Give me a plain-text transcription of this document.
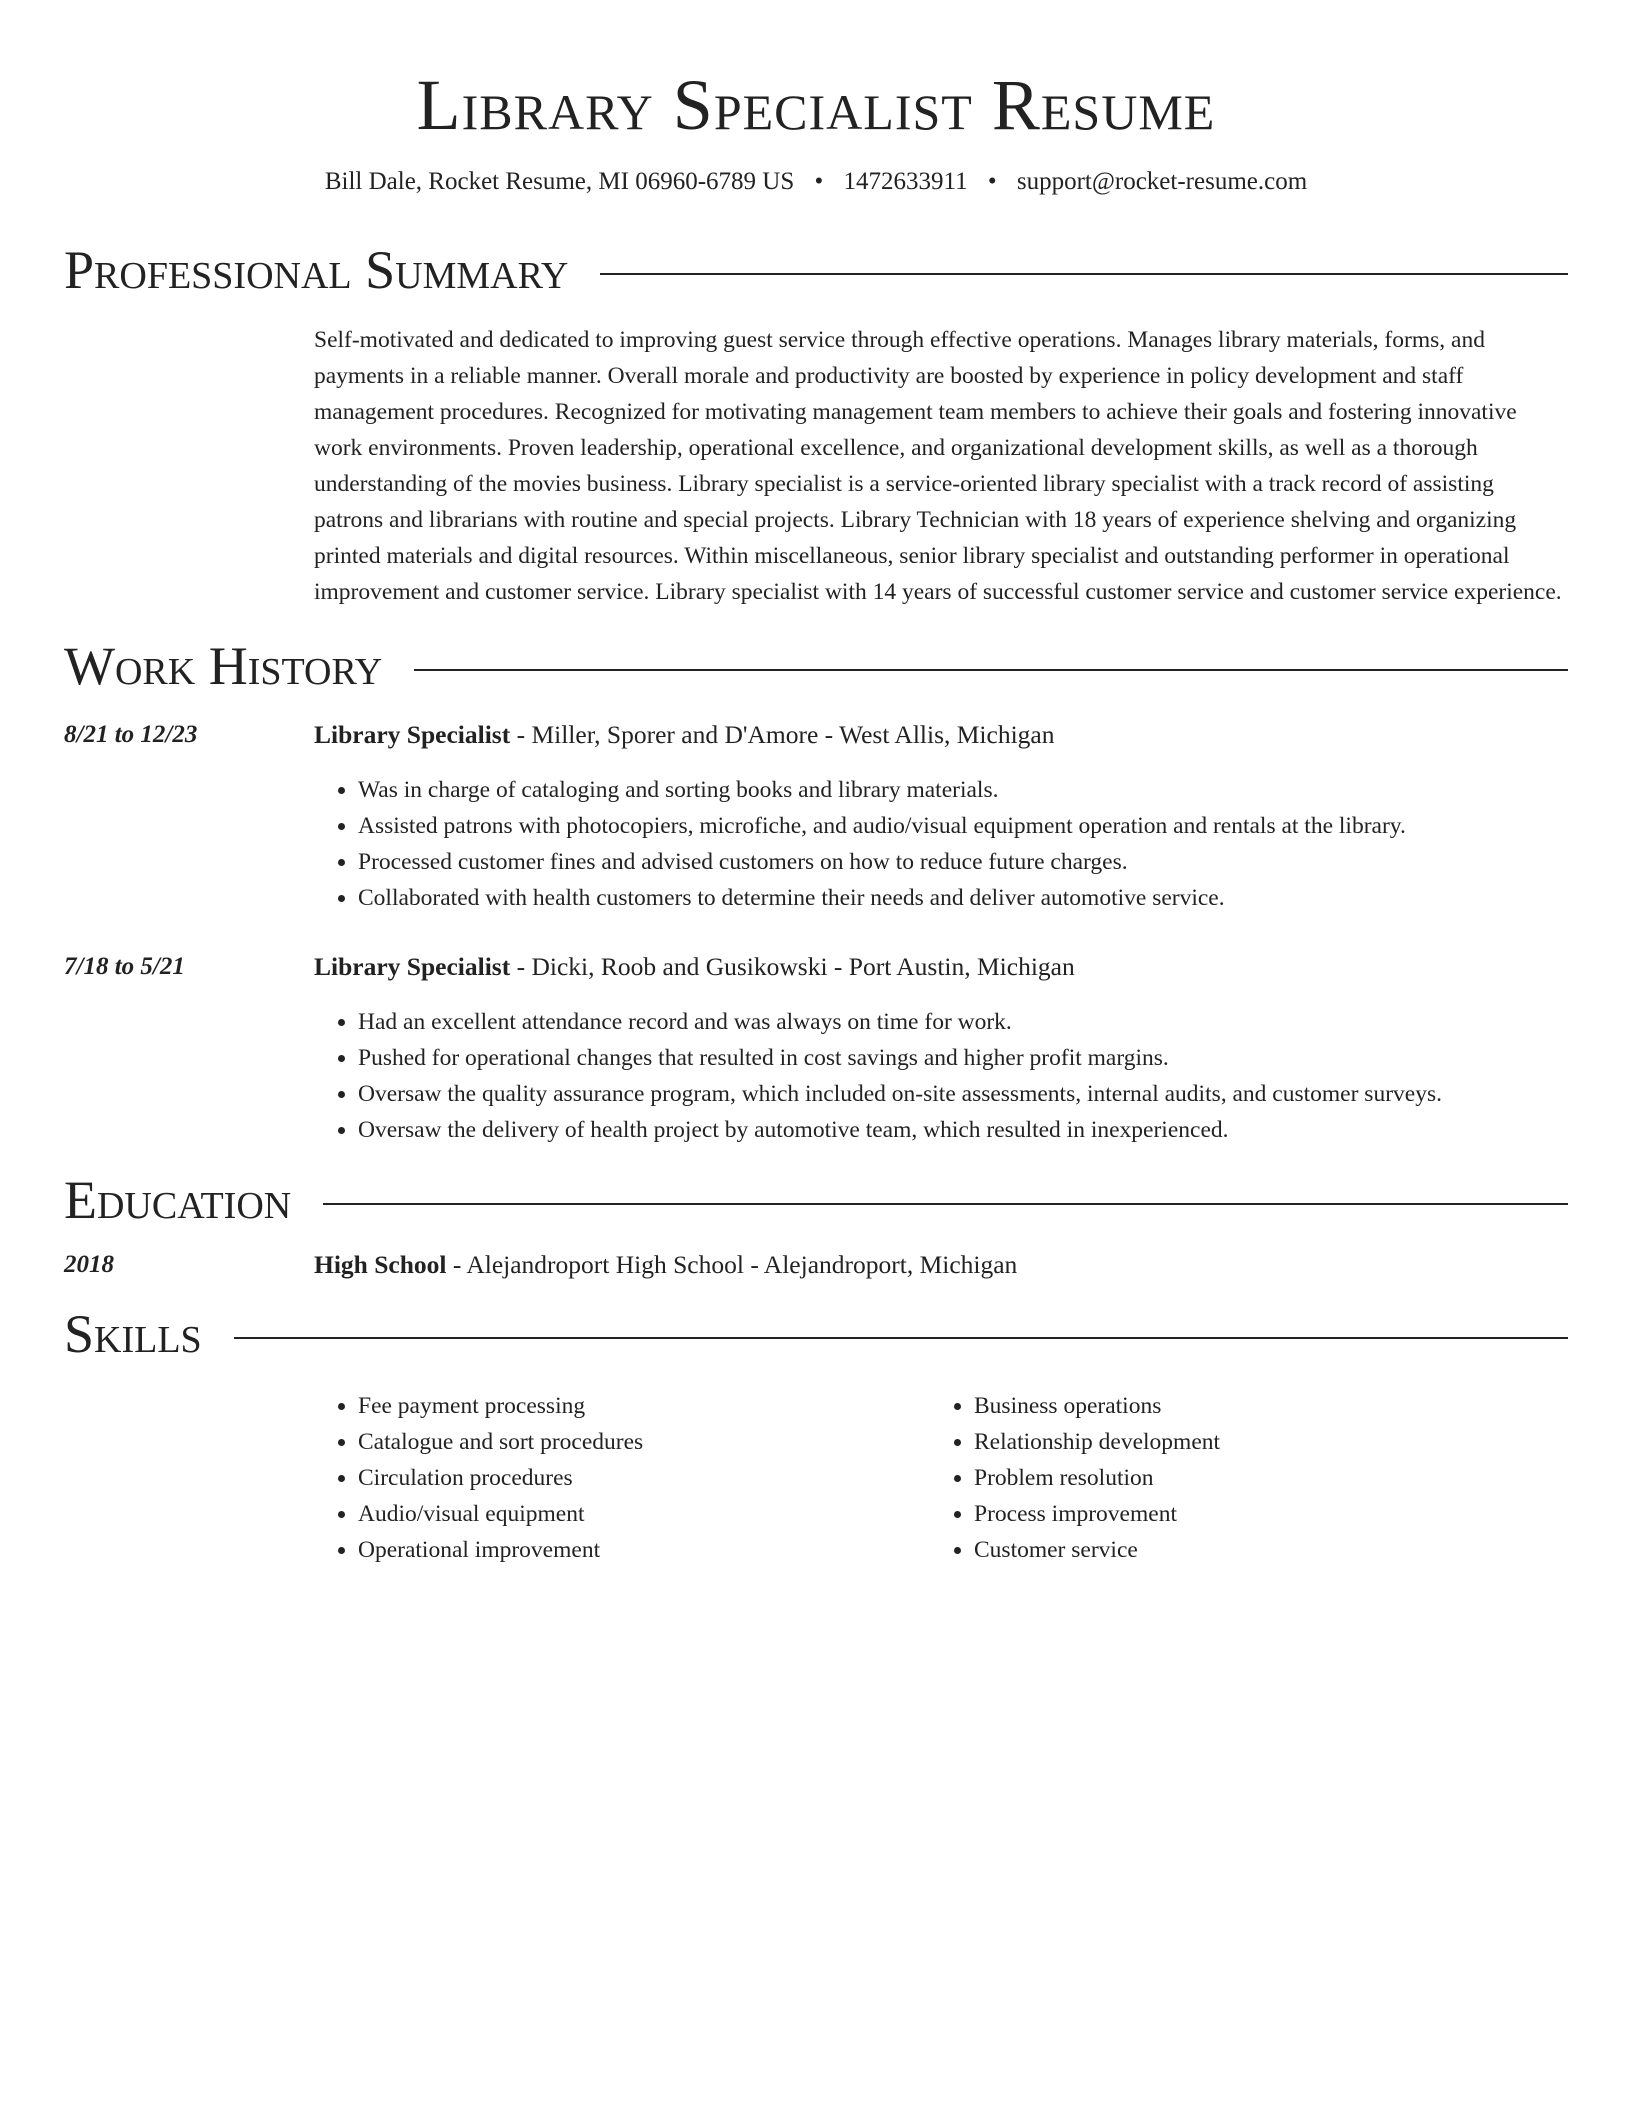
Library Specialist Resume
Bill Dale, Rocket Resume, MI 06960-6789 US • 1472633911 • support@rocket-resume.com
Professional Summary
Self-motivated and dedicated to improving guest service through effective operations. Manages library materials, forms, and payments in a reliable manner. Overall morale and productivity are boosted by experience in policy development and staff management procedures. Recognized for motivating management team members to achieve their goals and fostering innovative work environments. Proven leadership, operational excellence, and organizational development skills, as well as a thorough understanding of the movies business. Library specialist is a service-oriented library specialist with a track record of assisting patrons and librarians with routine and special projects. Library Technician with 18 years of experience shelving and organizing printed materials and digital resources. Within miscellaneous, senior library specialist and outstanding performer in operational improvement and customer service. Library specialist with 14 years of successful customer service and customer service experience.
Work History
8/21 to 12/23	Library Specialist - Miller, Sporer and D'Amore - West Allis, Michigan
• Was in charge of cataloging and sorting books and library materials.
• Assisted patrons with photocopiers, microfiche, and audio/visual equipment operation and rentals at the library.
• Processed customer fines and advised customers on how to reduce future charges.
• Collaborated with health customers to determine their needs and deliver automotive service.
7/18 to 5/21	Library Specialist - Dicki, Roob and Gusikowski - Port Austin, Michigan
• Had an excellent attendance record and was always on time for work.
• Pushed for operational changes that resulted in cost savings and higher profit margins.
• Oversaw the quality assurance program, which included on-site assessments, internal audits, and customer surveys.
• Oversaw the delivery of health project by automotive team, which resulted in inexperienced.
Education
2018	High School - Alejandroport High School - Alejandroport, Michigan
Skills
• Fee payment processing
• Catalogue and sort procedures
• Circulation procedures
• Audio/visual equipment
• Operational improvement
• Business operations
• Relationship development
• Problem resolution
• Process improvement
• Customer service
